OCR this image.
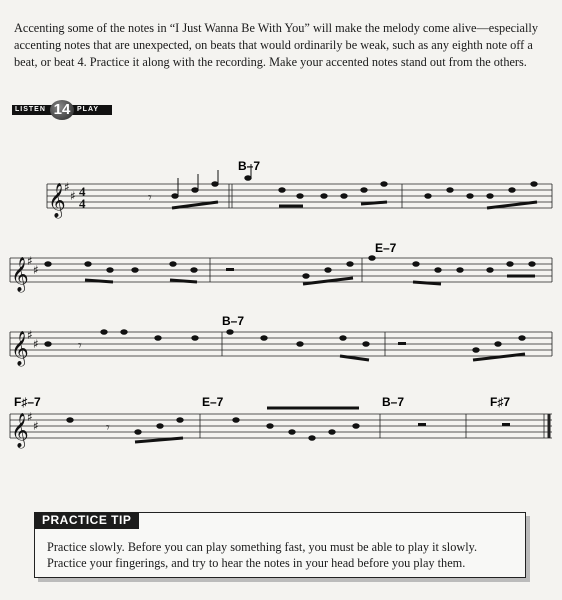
Accenting some of the notes in “I Just Wanna Be With You” will make the melody come alive—especially accenting notes that are unexpected, on beats that would ordinarily be weak, such as any eighth note off a beat, or beat 4. Practice it along with the recording. Make your accented notes stand out from the others.

LISTEN	PLAY
14
𝄞
𝄞
𝄞
𝄞
♯
♯
♯
♯
♯
♯
♯
♯
4
4
B–7
E–7
B–7
F♯–7	E–7	B–7	F♯7
𝄾
𝄾
𝄾
PRACTICE TIP

Practice slowly. Before you can play something fast, you must be able to play it slowly. Practice your fingerings, and try to hear the notes in your head before you play them.
